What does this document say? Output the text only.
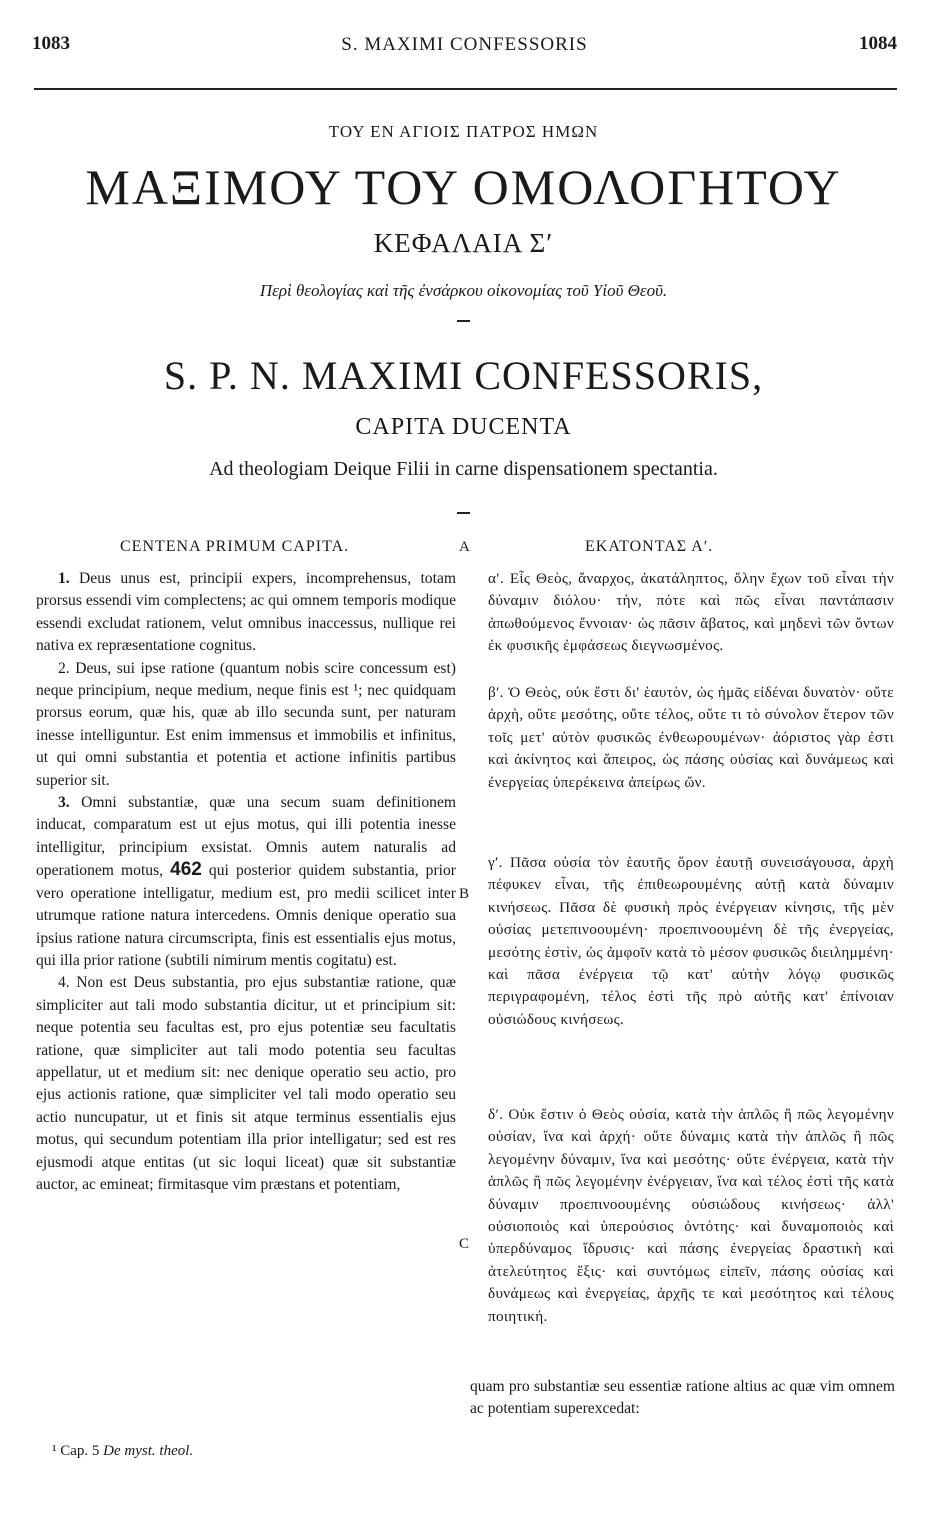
1083	S. MAXIMI CONFESSORIS	1084
ΤΟΥ ΕΝ ΑΓΙΟΙΣ ΠΑΤΡΟΣ ΗΜΩΝ
ΜΑΞΙΜΟΥ ΤΟΥ ΟΜΟΛΟΓΗΤΟΥ
ΚΕΦΑΛΑΙΑ Σʹ
Περὶ θεολογίας καὶ τῆς ἐνσάρκου οἰκονομίας τοῦ Υἱοῦ Θεοῦ.
S. P. N. MAXIMI CONFESSORIS,
CAPITA DUCENTA
Ad theologiam Deique Filii in carne dispensationem spectantia.
CENTENA PRIMUM CAPITA.	ΕΚΑΤΟΝΤΑΣ Αʹ.
A
B
C

1. Deus unus est, principii expers, incomprehensus, totam prorsus essendi vim complectens; ac qui omnem temporis modique essendi excludat rationem, velut omnibus inaccessus, nullique rei nativa ex repræsentatione cognitus.

2. Deus, sui ipse ratione (quantum nobis scire concessum est) neque principium, neque medium, neque finis est ¹; nec quidquam prorsus eorum, quæ his, quæ ab illo secunda sunt, per naturam inesse intelliguntur. Est enim immensus et immobilis et infinitus, ut qui omni substantia et potentia et actione infinitis partibus superior sit.

3. Omni substantiæ, quæ una secum suam definitionem inducat, comparatum est ut ejus motus, qui illi potentia inesse intelligitur, principium exsistat. Omnis autem naturalis ad operationem motus, 462 qui posterior quidem substantia, prior vero operatione intelligatur, medium est, pro medii scilicet inter utrumque ratione natura intercedens. Omnis denique operatio sua ipsius ratione natura circumscripta, finis est essentialis ejus motus, qui illa prior ratione (subtili nimirum mentis cogitatu) est.

4. Non est Deus substantia, pro ejus substantiæ ratione, quæ simpliciter aut tali modo substantia dicitur, ut et principium sit: neque potentia seu facultas est, pro ejus potentiæ seu facultatis ratione, quæ simpliciter aut tali modo potentia seu facultas appellatur, ut et medium sit: nec denique operatio seu actio, pro ejus actionis ratione, quæ simpliciter vel tali modo operatio seu actio nuncupatur, ut et finis sit atque terminus essentialis ejus motus, qui secundum potentiam illa prior intelligatur; sed est res ejusmodi atque entitas (ut sic loqui liceat) quæ sit substantiæ auctor, ac emineat; firmitasque vim præstans et potentiam,

αʹ. Εἷς Θεὸς, ἄναρχος, ἀκατάληπτος, ὅλην ἔχων τοῦ εἶναι τὴν δύναμιν διόλου· τὴν, πότε καὶ πῶς εἶναι παντάπασιν ἀπωθούμενος ἔννοιαν· ὡς πᾶσιν ἄβατος, καὶ μηδενὶ τῶν ὄντων ἐκ φυσικῆς ἐμφάσεως διεγνωσμένος.
βʹ. Ὁ Θεὸς, οὐκ ἔστι δι' ἑαυτὸν, ὡς ἡμᾶς εἰδέναι δυνατὸν· οὔτε ἀρχὴ, οὔτε μεσότης, οὔτε τέλος, οὔτε τι τὸ σύνολον ἕτερον τῶν τοῖς μετ' αὐτὸν φυσικῶς ἐνθεωρουμένων· ἀόριστος γὰρ ἐστι καὶ ἀκίνητος καὶ ἄπειρος, ὡς πάσης οὐσίας καὶ δυνάμεως καὶ ἐνεργείας ὑπερέκεινα ἀπείρως ὤν.
γʹ. Πᾶσα οὐσία τὸν ἑαυτῆς ὅρον ἑαυτῇ συνεισάγουσα, ἀρχὴ πέφυκεν εἶναι, τῆς ἐπιθεωρουμένης αὐτῇ κατὰ δύναμιν κινήσεως. Πᾶσα δὲ φυσικὴ πρὸς ἐνέργειαν κίνησις, τῆς μὲν οὐσίας μετεπινοουμένη· προεπινοουμένη δὲ τῆς ἐνεργείας, μεσότης ἐστὶν, ὡς ἀμφοῖν κατὰ τὸ μέσον φυσικῶς διειλημμένη· καὶ πᾶσα ἐνέργεια τῷ κατ' αὐτὴν λόγῳ φυσικῶς περιγραφομένη, τέλος ἐστὶ τῆς πρὸ αὐτῆς κατ' ἐπίνοιαν οὐσιώδους κινήσεως.
δʹ. Οὐκ ἔστιν ὁ Θεὸς οὐσία, κατὰ τὴν ἁπλῶς ἢ πῶς λεγομένην οὐσίαν, ἵνα καὶ ἀρχή· οὔτε δύναμις κατὰ τὴν ἁπλῶς ἢ πῶς λεγομένην δύναμιν, ἵνα καὶ μεσότης· οὔτε ἐνέργεια, κατὰ τὴν ἁπλῶς ἢ πῶς λεγομένην ἐνέργειαν, ἵνα καὶ τέλος ἐστὶ τῆς κατὰ δύναμιν προεπινοουμένης οὐσιώδους κινήσεως· ἀλλ' οὐσιοποιὸς καὶ ὑπερούσιος ὀντότης· καὶ δυναμοποιὸς καὶ ὑπερδύναμος ἵδρυσις· καὶ πάσης ἐνεργείας δραστικὴ καὶ ἀτελεύτητος ἕξις· καὶ συντόμως εἰπεῖν, πάσης οὐσίας καὶ δυνάμεως καὶ ἐνεργείας, ἀρχῆς τε καὶ μεσότητος καὶ τέλους ποιητική.
quam pro substantiæ seu essentiæ ratione altius ac quæ vim omnem ac potentiam superexcedat:
¹ Cap. 5 De myst. theol.
